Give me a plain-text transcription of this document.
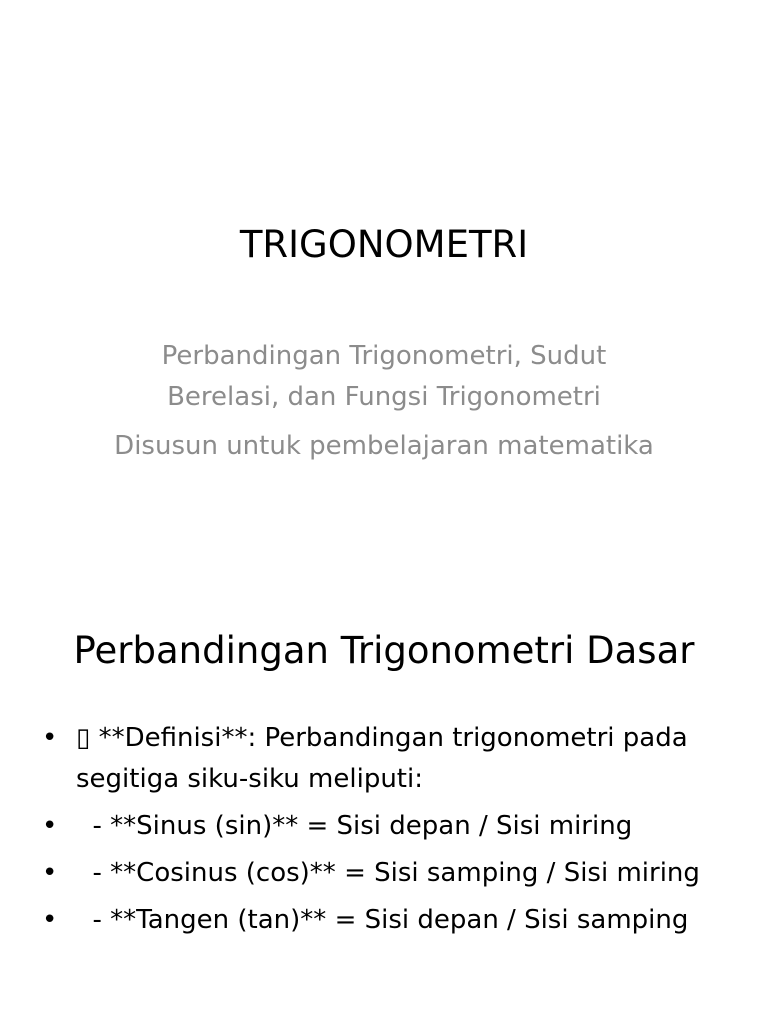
TRIGONOMETRI

Perbandingan Trigonometri, Sudut Berelasi, dan Fungsi Trigonometri

Disusun untuk pembelajaran matematika

Perbandingan Trigonometri Dasar
• ▯ **Definisi**: Perbandingan trigonometri pada segitiga siku-siku meliputi:
• - **Sinus (sin)** = Sisi depan / Sisi miring
• - **Cosinus (cos)** = Sisi samping / Sisi miring
• - **Tangen (tan)** = Sisi depan / Sisi samping
